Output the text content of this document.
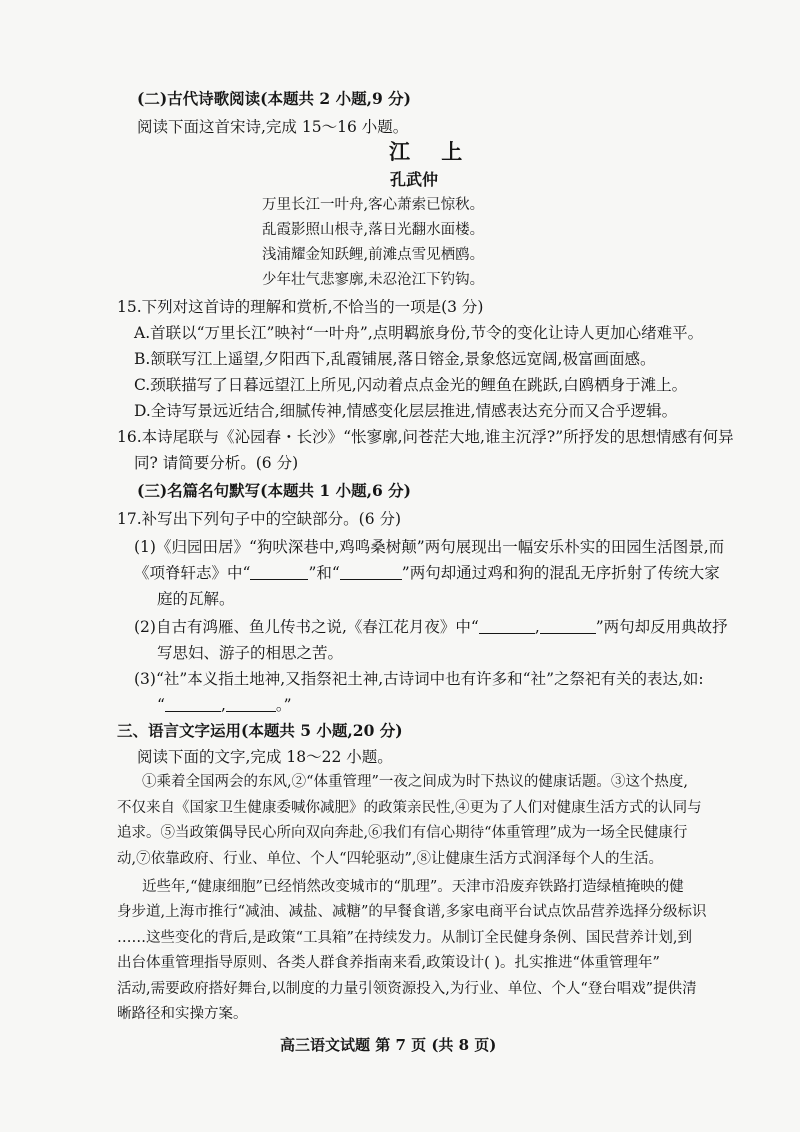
(二)古代诗歌阅读(本题共 2 小题,9 分)
阅读下面这首宋诗,完成 15～16 小题。
江 上
孔武仲
万里长江一叶舟,客心萧索已惊秋。
乱霞影照山根寺,落日光翻水面楼。
浅浦耀金知跃鲤,前滩点雪见栖鸥。
少年壮气悲寥廓,未忍沧江下钓钩。
15.下列对这首诗的理解和赏析,不恰当的一项是(3 分)
A.首联以“万里长江”映衬“一叶舟”,点明羁旅身份,节令的变化让诗人更加心绪难平。
B.颔联写江上遥望,夕阳西下,乱霞铺展,落日镕金,景象悠远宽阔,极富画面感。
C.颈联描写了日暮远望江上所见,闪动着点点金光的鲤鱼在跳跃,白鸥栖身于滩上。
D.全诗写景远近结合,细腻传神,情感变化层层推进,情感表达充分而又合乎逻辑。
16.本诗尾联与《沁园春・长沙》“怅寥廓,问苍茫大地,谁主沉浮?”所抒发的思想情感有何异
同? 请简要分析。(6 分)
(三)名篇名句默写(本题共 1 小题,6 分)
17.补写出下列句子中的空缺部分。(6 分)
(1)《归园田居》“狗吠深巷中,鸡鸣桑树颠”两句展现出一幅安乐朴实的田园生活图景,而
《项脊轩志》中“	”和“	”两句却通过鸡和狗的混乱无序折射了传统大家
庭的瓦解。
(2)自古有鸿雁、鱼儿传书之说,《春江花月夜》中“	,	”两句却反用典故抒
写思妇、游子的相思之苦。
(3)“社”本义指土地神,又指祭祀土神,古诗词中也有许多和“社”之祭祀有关的表达,如:
“	,	。”
三、语言文字运用(本题共 5 小题,20 分)
阅读下面的文字,完成 18～22 小题。
①乘着全国两会的东风,②“体重管理”一夜之间成为时下热议的健康话题。③这个热度,
不仅来自《国家卫生健康委喊你减肥》的政策亲民性,④更为了人们对健康生活方式的认同与
追求。⑤当政策偶导民心所向双向奔赴,⑥我们有信心期待“体重管理”成为一场全民健康行
动,⑦依靠政府、行业、单位、个人“四轮驱动”,⑧让健康生活方式润泽每个人的生活。
近些年,“健康细胞”已经悄然改变城市的“肌理”。天津市沿废弃铁路打造绿植掩映的健
身步道,上海市推行“减油、减盐、减糖”的早餐食谱,多家电商平台试点饮品营养选择分级标识
……这些变化的背后,是政策“工具箱”在持续发力。从制订全民健身条例、国民营养计划,到
出台体重管理指导原则、各类人群食养指南来看,政策设计( )。扎实推进“体重管理年”
活动,需要政府搭好舞台,以制度的力量引领资源投入,为行业、单位、个人“登台唱戏”提供清
晰路径和实操方案。
高三语文试题 第 7 页 (共 8 页)
